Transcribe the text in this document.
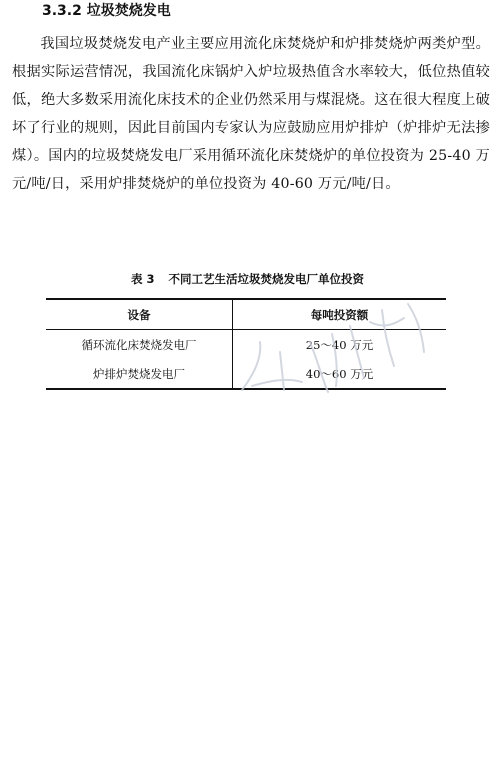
3.3.2 垃圾焚烧发电

我国垃圾焚烧发电产业主要应用流化床焚烧炉和炉排焚烧炉两类炉型。根据实际运营情况，我国流化床锅炉入炉垃圾热值含水率较大，低位热值较低，绝大多数采用流化床技术的企业仍然采用与煤混烧。这在很大程度上破坏了行业的规则，因此目前国内专家认为应鼓励应用炉排炉（炉排炉无法掺煤）。国内的垃圾焚烧发电厂采用循环流化床焚烧炉的单位投资为 25-40 万元/吨/日，采用炉排焚烧炉的单位投资为 40-60 万元/吨/日。

表 3 不同工艺生活垃圾焚烧发电厂单位投资
设备	每吨投资额
循环流化床焚烧发电厂	25～40 万元
炉排炉焚烧发电厂	40～60 万元
